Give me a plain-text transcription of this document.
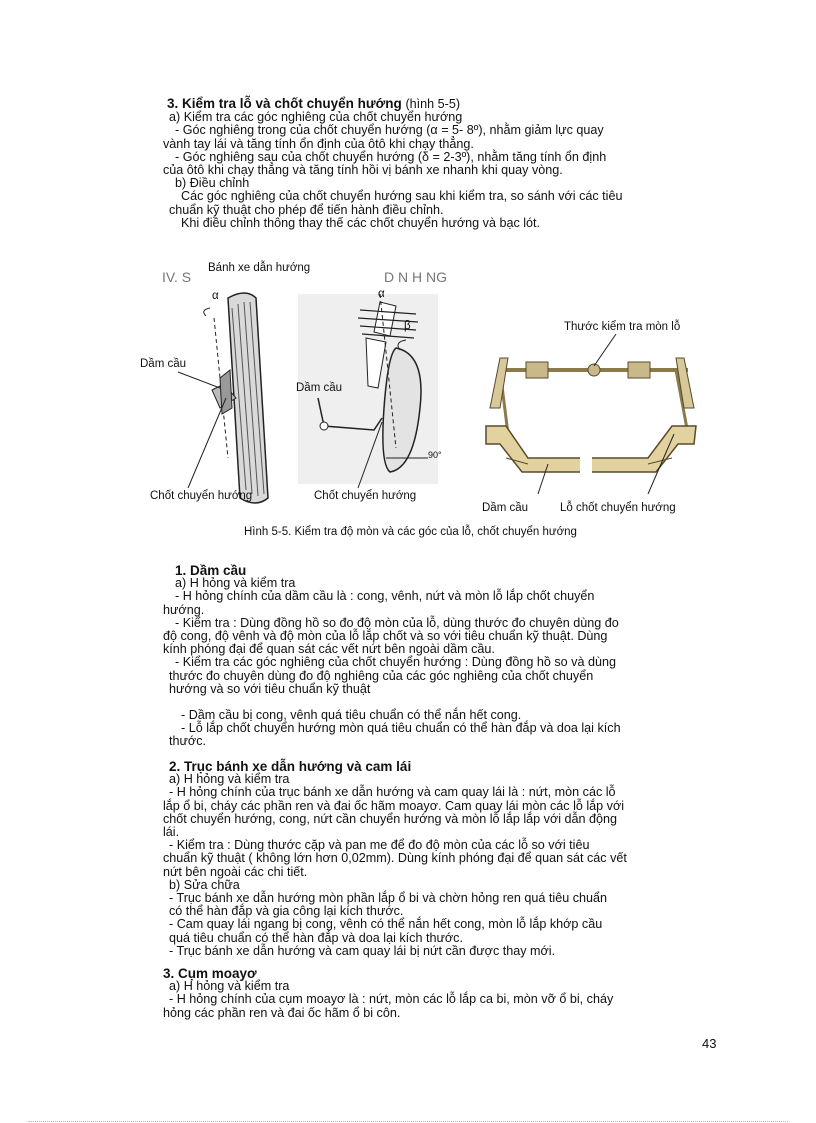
3. Kiểm tra lỗ và chốt chuyển hướng (hình 5-5)

a) Kiểm tra các góc nghiêng của chốt chuyển hướng

- Góc nghiêng trong của chốt chuyển hướng (α = 5- 8º), nhằm giảm lực quay

vành tay lái và tăng tính ổn định của ôtô khi chạy thẳng.

- Góc nghiêng sau của chốt chuyển hướng (δ = 2-3º), nhằm tăng tính ổn định

của ôtô khi chạy thẳng và tăng tính hồi vị bánh xe nhanh khi quay vòng.

b) Điều chỉnh

Các góc nghiêng của chốt chuyển hướng sau khi kiểm tra, so sánh với các tiêu

chuẩn kỹ thuật cho phép để tiến hành điều chỉnh.

Khi điều chỉnh thông thay thế các chốt chuyển hướng và bạc lót.

IV. S	D N H NG
Bánh xe dẫn hướng
α	α
β
Dầm cầu
Dầm cầu
Thước kiểm tra mòn lỗ
90°
Chốt chuyển hướng	Chốt chuyển hướng
Dầm cầu	Lỗ chốt chuyển hướng
Hình 5-5. Kiểm tra độ mòn và các góc của lỗ, chốt chuyển hướng

1. Dầm cầu

a) H hỏng và kiểm tra

- H hỏng chính của dầm cầu là : cong, vênh, nứt và mòn lỗ lắp chốt chuyển

hướng.

- Kiểm tra : Dùng đồng hồ so đo độ mòn của lỗ, dùng thước đo chuyên dùng đo

độ cong, độ vênh và độ mòn của lỗ lắp chốt và so với tiêu chuẩn kỹ thuật. Dùng

kính phóng đại để quan sát các vết nứt bên ngoài dầm cầu.

- Kiểm tra các góc nghiêng của chốt chuyển hướng : Dùng đồng hồ so và dùng

thước đo chuyên dùng đo độ nghiêng của các góc nghiêng của chốt chuyển

hướng và so với tiêu chuẩn kỹ thuật

- Dầm cầu bị cong, vênh quá tiêu chuẩn có thể nắn hết cong.

- Lỗ lắp chốt chuyển hướng mòn quá tiêu chuẩn có thể hàn đắp và doa lại kích

thước.

2. Trục bánh xe dẫn hướng và cam lái

a) H hỏng và kiểm tra

- H hỏng chính của trục bánh xe dẫn hướng và cam quay lái là : nứt, mòn các lỗ

lắp ổ bi, cháy các phần ren và đai ốc hãm moayơ. Cam quay lái mòn các lỗ lắp với

chốt chuyển hướng, cong, nứt cần chuyển hướng và mòn lỗ lắp lắp với dẫn động

lái.

- Kiểm tra : Dùng thước cặp và pan me để đo độ mòn của các lỗ so với tiêu

chuẩn kỹ thuật ( không lớn hơn 0,02mm). Dùng kính phóng đại để quan sát các vết

nứt bên ngoài các chi tiết.

b) Sửa chữa

- Trục bánh xe dẫn hướng mòn phần lắp ổ bi và chờn hỏng ren quá tiêu chuẩn

có thể hàn đắp và gia công lại kích thước.

- Cam quay lái ngang bị cong, vênh có thể nắn hết cong, mòn lỗ lắp khớp cầu

quá tiêu chuẩn có thể hàn đắp và doa lại kích thước.

- Trục bánh xe dẫn hướng và cam quay lái bị nứt cần được thay mới.

3. Cụm moayơ

a) H hỏng và kiểm tra

- H hỏng chính của cụm moayơ là : nứt, mòn các lỗ lắp ca bi, mòn vỡ ổ bi, cháy

hỏng các phần ren và đai ốc hãm ổ bi côn.

43
